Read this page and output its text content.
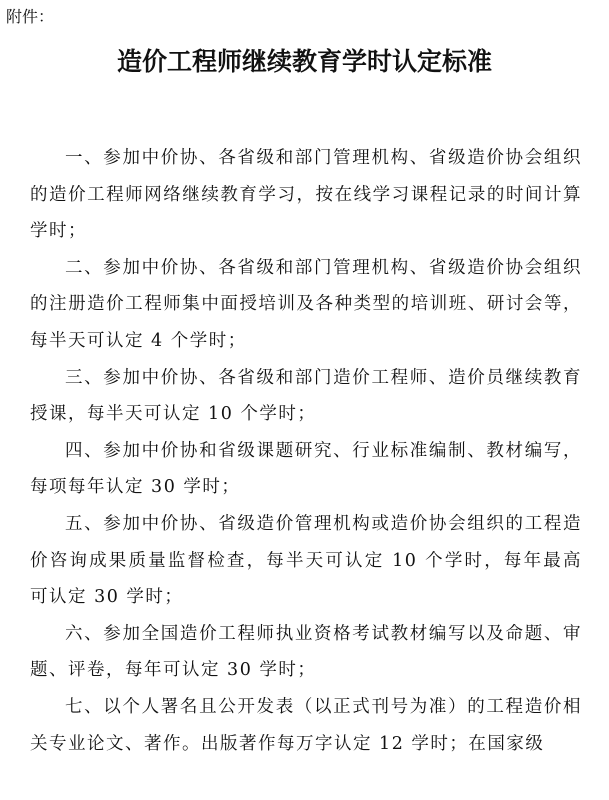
附件：
造价工程师继续教育学时认定标准

一、参加中价协、各省级和部门管理机构、省级造价协会组织的造价工程师网络继续教育学习，按在线学习课程记录的时间计算学时；

二、参加中价协、各省级和部门管理机构、省级造价协会组织的注册造价工程师集中面授培训及各种类型的培训班、研讨会等，每半天可认定 4 个学时；

三、参加中价协、各省级和部门造价工程师、造价员继续教育授课，每半天可认定 10 个学时；

四、参加中价协和省级课题研究、行业标准编制、教材编写，每项每年认定 30 学时；

五、参加中价协、省级造价管理机构或造价协会组织的工程造价咨询成果质量监督检查，每半天可认定 10 个学时，每年最高可认定 30 学时；

六、参加全国造价工程师执业资格考试教材编写以及命题、审题、评卷，每年可认定 30 学时；

七、以个人署名且公开发表（以正式刊号为准）的工程造价相关专业论文、著作。出版著作每万字认定 12 学时；在国家级
